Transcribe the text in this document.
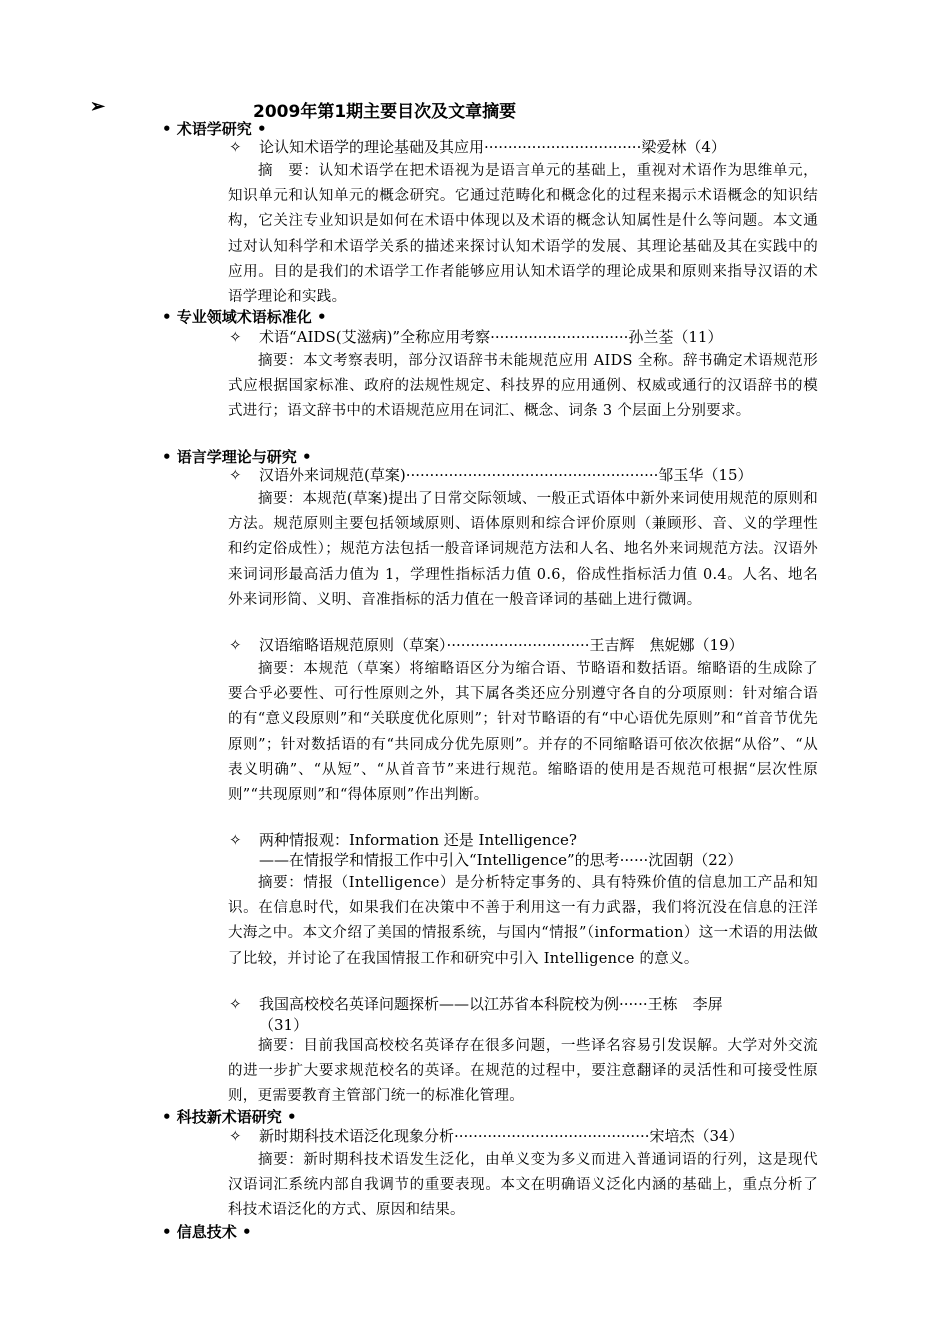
➢	2009年第1期主要目次及文章摘要
• 术语学研究 •
✧ 论认知术语学的理论基础及其应用·································梁爱林（4）
摘　要：认知术语学在把术语视为是语言单元的基础上，重视对术语作为思维单元，知识单元和认知单元的概念研究。它通过范畴化和概念化的过程来揭示术语概念的知识结构，它关注专业知识是如何在术语中体现以及术语的概念认知属性是什么等问题。本文通过对认知科学和术语学关系的描述来探讨认知术语学的发展、其理论基础及其在实践中的应用。目的是我们的术语学工作者能够应用认知术语学的理论成果和原则来指导汉语的术语学理论和实践。
• 专业领域术语标准化 •
✧ 术语“AIDS(艾滋病)”全称应用考察·····························孙兰荃（11）
摘要：本文考察表明，部分汉语辞书未能规范应用 AIDS 全称。辞书确定术语规范形式应根据国家标准、政府的法规性规定、科技界的应用通例、权威或通行的汉语辞书的模式进行；语文辞书中的术语规范应用在词汇、概念、词条 3 个层面上分别要求。
• 语言学理论与研究 •
✧ 汉语外来词规范(草案)·····················································邹玉华（15）
摘要：本规范(草案)提出了日常交际领域、一般正式语体中新外来词使用规范的原则和方法。规范原则主要包括领域原则、语体原则和综合评价原则（兼顾形、音、义的学理性和约定俗成性）；规范方法包括一般音译词规范方法和人名、地名外来词规范方法。汉语外来词词形最高活力值为 1，学理性指标活力值 0.6，俗成性指标活力值 0.4。人名、地名外来词形简、义明、音准指标的活力值在一般音译词的基础上进行微调。
✧ 汉语缩略语规范原则（草案）······························王吉辉　焦妮娜（19）
摘要：本规范（草案）将缩略语区分为缩合语、节略语和数括语。缩略语的生成除了要合乎必要性、可行性原则之外，其下属各类还应分别遵守各自的分项原则：针对缩合语的有“意义段原则”和“关联度优化原则”；针对节略语的有“中心语优先原则”和“首音节优先原则”；针对数括语的有“共同成分优先原则”。并存的不同缩略语可依次依据“从俗”、“从表义明确”、“从短”、“从首音节”来进行规范。缩略语的使用是否规范可根据“层次性原则”“共现原则”和“得体原则”作出判断。
✧ 两种情报观：Information 还是 Intelligence?
——在情报学和情报工作中引入“Intelligence”的思考······沈固朝（22）
摘要：情报（Intelligence）是分析特定事务的、具有特殊价值的信息加工产品和知识。在信息时代，如果我们在决策中不善于利用这一有力武器，我们将沉没在信息的汪洋大海之中。本文介绍了美国的情报系统，与国内“情报”（information）这一术语的用法做了比较，并讨论了在我国情报工作和研究中引入 Intelligence 的意义。
✧ 我国高校校名英译问题探析——以江苏省本科院校为例······王栋　李屏
（31）
摘要：目前我国高校校名英译存在很多问题，一些译名容易引发误解。大学对外交流的进一步扩大要求规范校名的英译。在规范的过程中，要注意翻译的灵活性和可接受性原则，更需要教育主管部门统一的标准化管理。
• 科技新术语研究 •
✧ 新时期科技术语泛化现象分析·········································宋培杰（34）
摘要：新时期科技术语发生泛化，由单义变为多义而进入普通词语的行列，这是现代汉语词汇系统内部自我调节的重要表现。本文在明确语义泛化内涵的基础上，重点分析了科技术语泛化的方式、原因和结果。
• 信息技术 •
